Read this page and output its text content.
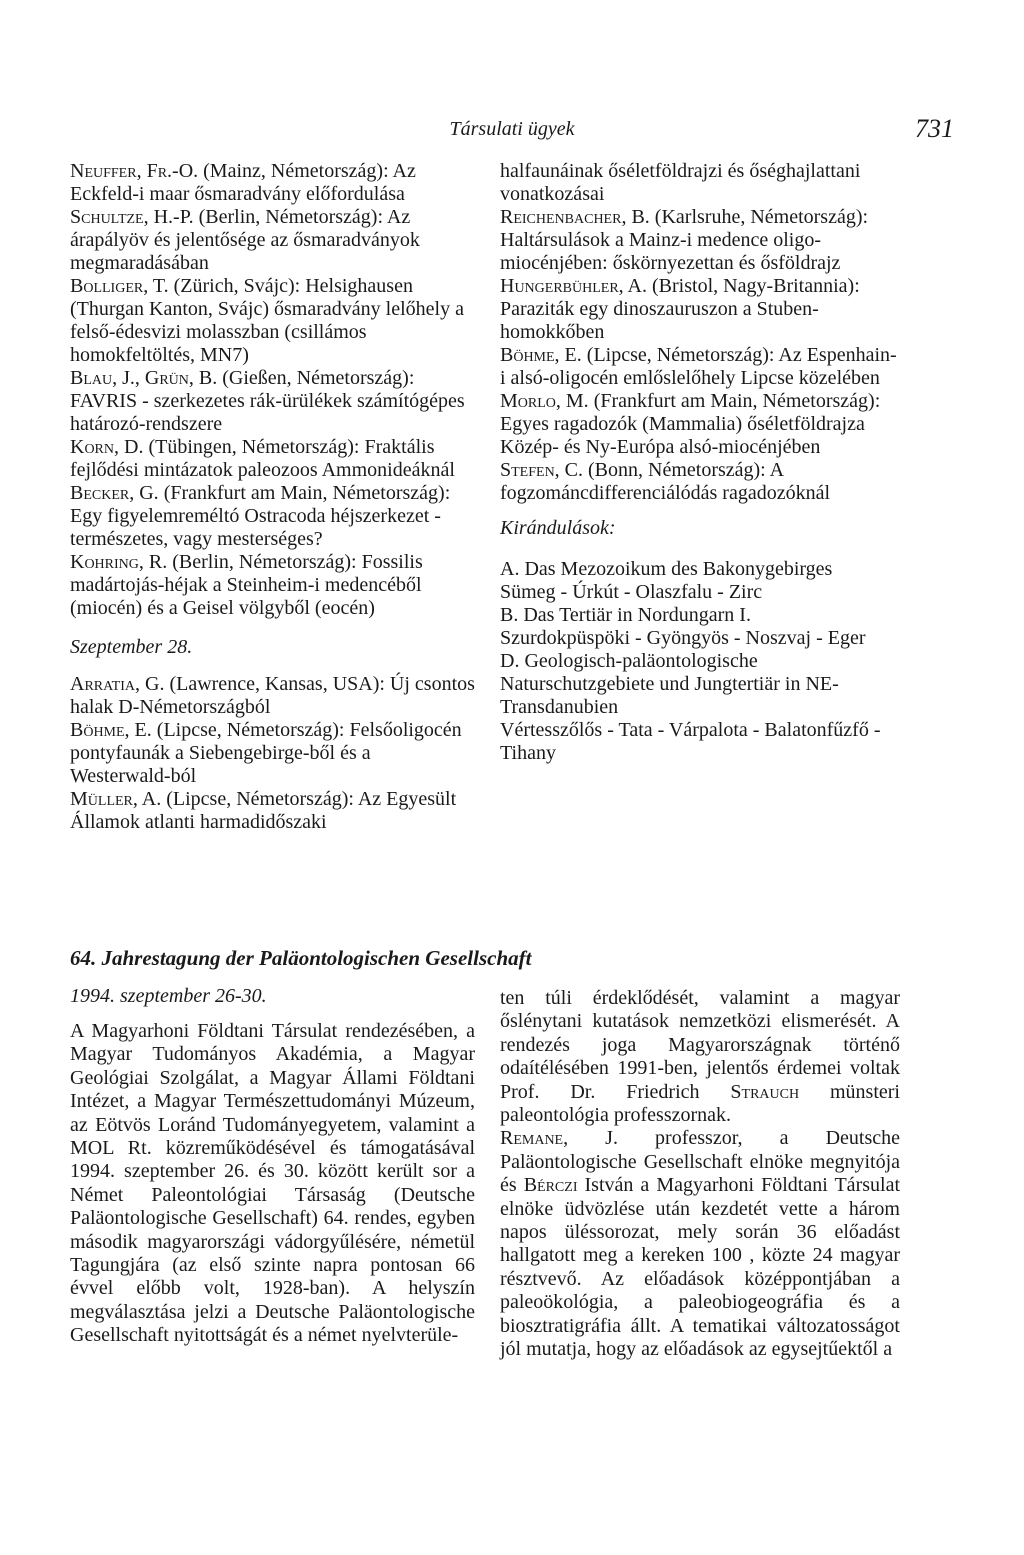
Társulati ügyek	731

Neuffer, Fr.-O. (Mainz, Németország): Az Eckfeld-i maar ősmaradvány előfordulása

Schultze, H.-P. (Berlin, Németország): Az árapályöv és jelentősége az ősmaradványok megmaradásában

Bolliger, T. (Zürich, Svájc): Helsighausen (Thurgan Kanton, Svájc) ősmaradvány lelőhely a felső-édesvizi molasszban (csillámos homokfeltöltés, MN7)

Blau, J., Grün, B. (Gießen, Németország): FAVRIS - szerkezetes rák-ürülékek számítógépes határozó-rendszere

Korn, D. (Tübingen, Németország): Fraktális fejlődési mintázatok paleozoos Ammonideáknál

Becker, G. (Frankfurt am Main, Németország): Egy figyelemreméltó Ostracoda héjszerkezet - természetes, vagy mesterséges?

Kohring, R. (Berlin, Németország): Fossilis madártojás-héjak a Steinheim-i medencéből (miocén) és a Geisel völgyből (eocén)

Szeptember 28.

Arratia, G. (Lawrence, Kansas, USA): Új csontos halak D-Németországból

Böhme, E. (Lipcse, Németország): Felsőoligocén pontyfaunák a Siebengebirge-ből és a Westerwald-ból

Müller, A. (Lipcse, Németország): Az Egyesült Államok atlanti harmadidőszaki

halfaunáinak őséletföldrajzi és őséghajlattani vonatkozásai

Reichenbacher, B. (Karlsruhe, Németország): Haltársulások a Mainz-i medence oligo-miocénjében: őskörnyezettan és ősföldrajz

Hungerbühler, A. (Bristol, Nagy-Britannia): Paraziták egy dinoszauruszon a Stuben-homokkőben

Böhme, E. (Lipcse, Németország): Az Espenhain-i alsó-oligocén emlőslelőhely Lipcse közelében

Morlo, M. (Frankfurt am Main, Németország): Egyes ragadozók (Mammalia) őséletföldrajza Közép- és Ny-Európa alsó-miocénjében

Stefen, C. (Bonn, Németország): A fogzománcdifferenciálódás ragadozóknál

Kirándulások:

A. Das Mezozoikum des Bakonygebirges

Sümeg - Úrkút - Olaszfalu - Zirc

B. Das Tertiär in Nordungarn I.

Szurdokpüspöki - Gyöngyös - Noszvaj - Eger

D. Geologisch-paläontologische Naturschutzgebiete und Jungtertiär in NE-Transdanubien

Vértesszőlős - Tata - Várpalota - Balatonfűzfő - Tihany

64. Jahrestagung der Paläontologischen Gesellschaft
1994. szeptember 26-30.

A Magyarhoni Földtani Társulat rendezésében, a Magyar Tudományos Akadémia, a Magyar Geológiai Szolgálat, a Magyar Állami Földtani Intézet, a Magyar Természettudományi Múzeum, az Eötvös Loránd Tudományegyetem, valamint a MOL Rt. közreműködésével és támogatásával 1994. szeptember 26. és 30. között került sor a Német Paleontológiai Társaság (Deutsche Paläontologische Gesellschaft) 64. rendes, egyben második magyarországi vádorgyűlésére, németül Tagungjára (az első szinte napra pontosan 66 évvel előbb volt, 1928-ban). A helyszín megválasztása jelzi a Deutsche Paläontologische Gesellschaft nyitottságát és a német nyelvterüle-

ten túli érdeklődését, valamint a magyar őslénytani kutatások nemzetközi elismerését. A rendezés joga Magyarországnak történő odaítélésében 1991-ben, jelentős érdemei voltak Prof. Dr. Friedrich Strauch münsteri paleontológia professzornak.

Remane, J. professzor, a Deutsche Paläontologische Gesellschaft elnöke megnyitója és Bérczi István a Magyarhoni Földtani Társulat elnöke üdvözlése után kezdetét vette a három napos üléssorozat, mely során 36 előadást hallgatott meg a kereken 100 , közte 24 magyar résztvevő. Az előadások középpontjában a paleoökológia, a paleobiogeográfia és a biosztratigráfia állt. A tematikai változatosságot jól mutatja, hogy az előadások az egysejtűektől a
